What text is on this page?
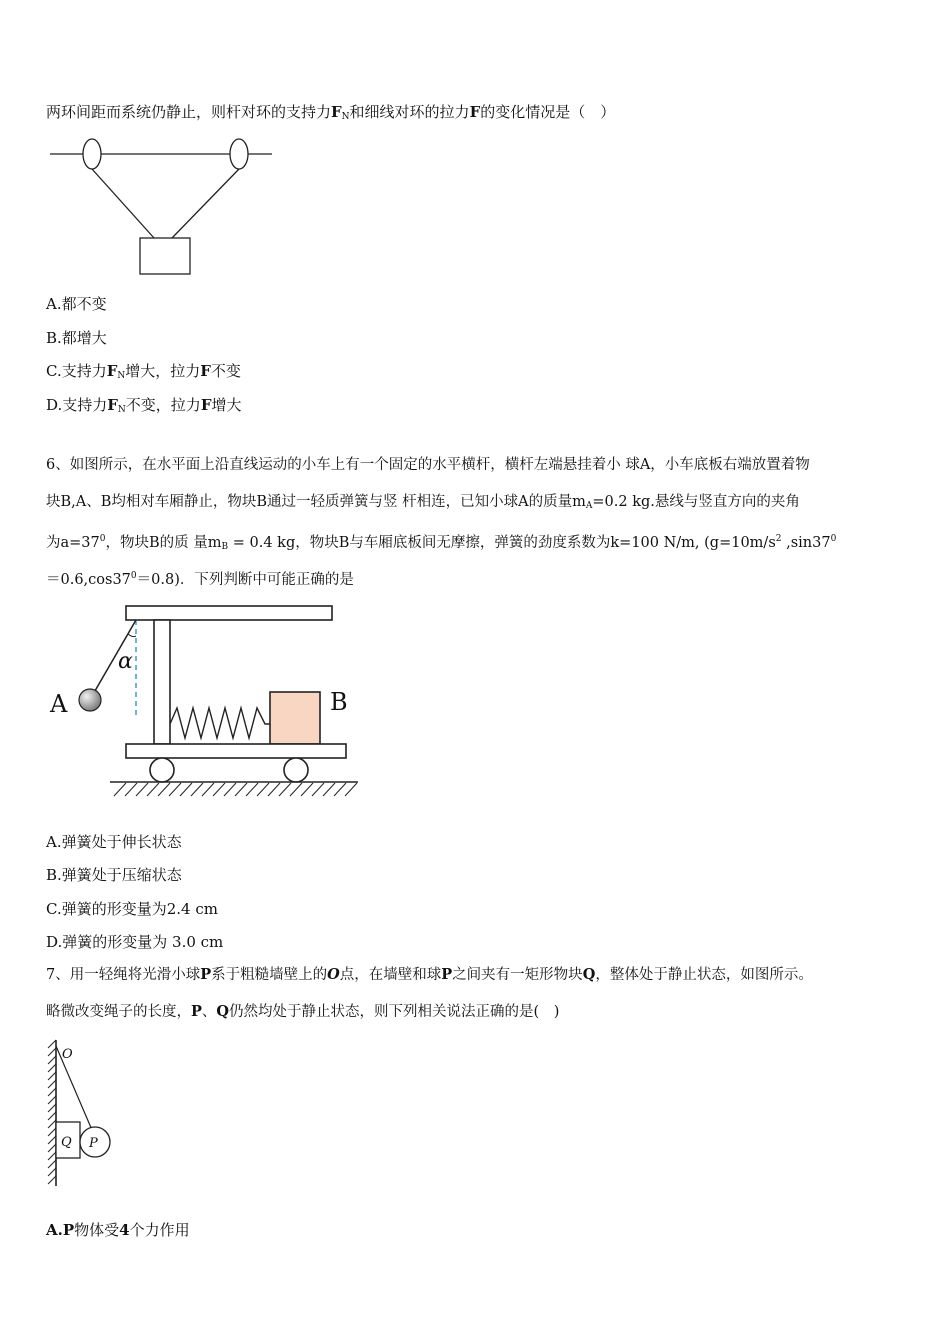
两环间距而系统仍静止，则杆对环的支持力$F_N$和细线对环的拉力F的变化情况是（　）
A.都不变
B.都增大
C.支持力$F_N$增大，拉力F不变
D.支持力$F_N$不变，拉力F增大
6、如图所示，在水平面上沿直线运动的小车上有一个固定的水平横杆，横杆左端悬挂着小 球A，小车底板右端放置着物
块B,A、B均相对车厢静止，物块B通过一轻质弹簧与竖 杆相连，已知小球A的质量$m_A=0.2$ kg.悬线与竖直方向的夹角
为$a=37^0$，物块B的质 量$m_B = 0.4$ kg，物块B与车厢底板间无摩擦，弹簧的劲度系数为k=100 N/m, ($g=10m/s^2$ $,\sin 37^0$
$=0.6,\cos 37^0=0.8$)．下列判断中可能正确的是
α
A	B
A.弹簧处于伸长状态
B.弹簧处于压缩状态
C.弹簧的形变量为2.4 cm
D.弹簧的形变量为 3.0 cm
7、用一轻绳将光滑小球P系于粗糙墙壁上的O点，在墙壁和球P之间夹有一矩形物块Q，整体处于静止状态，如图所示。
略微改变绳子的长度，P、Q仍然均处于静止状态，则下列相关说法正确的是(　)
O
Q P
A.P物体受4个力作用
